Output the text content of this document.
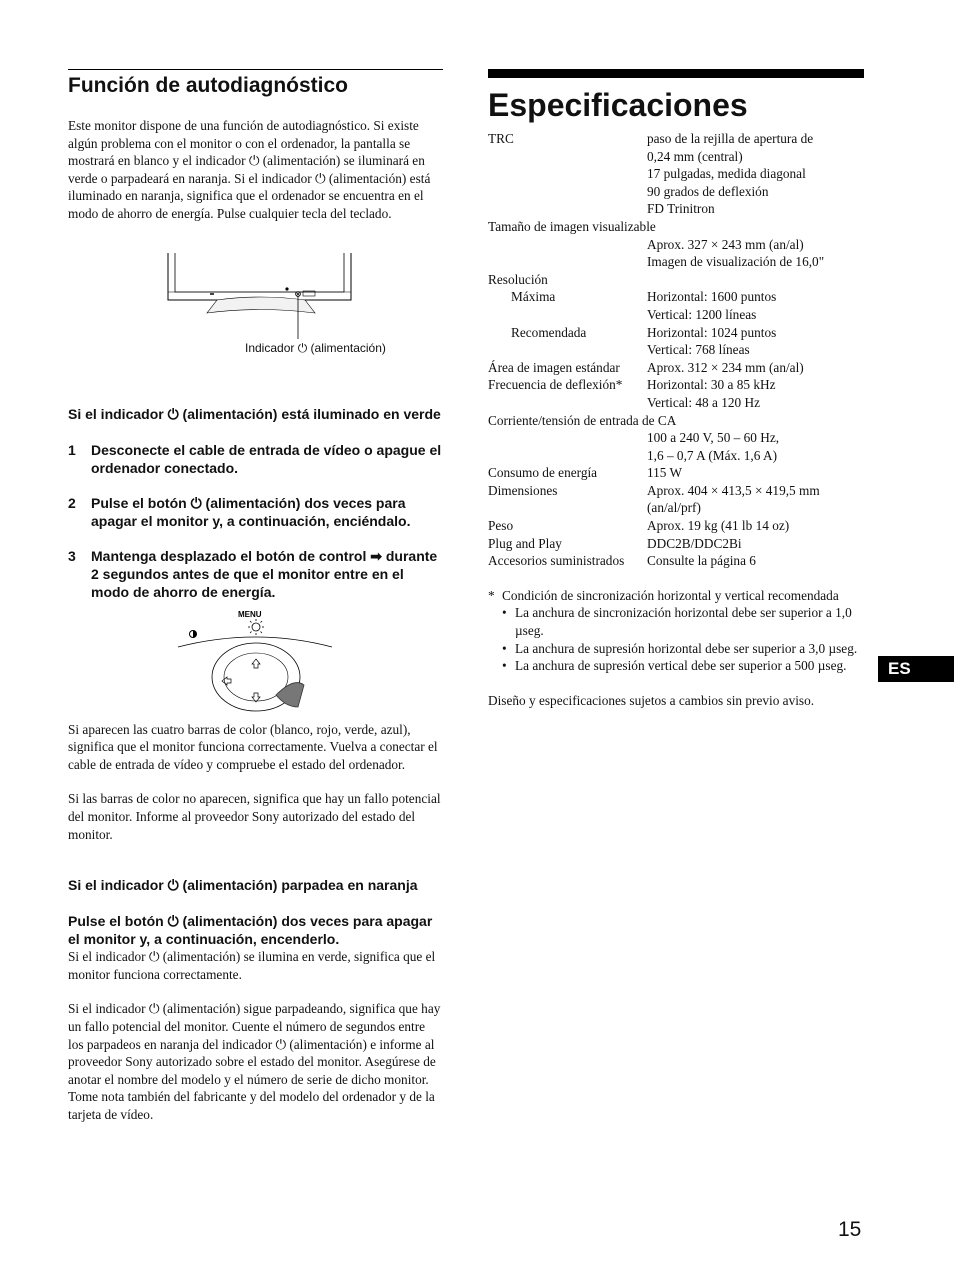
Función de autodiagnóstico

Este monitor dispone de una función de autodiagnóstico. Si existe algún problema con el monitor o con el ordenador, la pantalla se mostrará en blanco y el indicador ⏻ (alimentación) se iluminará en verde o parpadeará en naranja. Si el indicador ⏻ (alimentación) está iluminado en naranja, significa que el ordenador se encuentra en el modo de ahorro de energía. Pulse cualquier tecla del teclado.

Si el indicador ⏻ (alimentación) está iluminado en verde

1	Desconecte el cable de entrada de vídeo o apague el ordenador conectado.
2	Pulse el botón ⏻ (alimentación) dos veces para apagar el monitor y, a continuación, enciéndalo.
3	Mantenga desplazado el botón de control ➡ durante 2 segundos antes de que el monitor entre en el modo de ahorro de energía.

Si aparecen las cuatro barras de color (blanco, rojo, verde, azul), significa que el monitor funciona correctamente. Vuelva a conectar el cable de entrada de vídeo y compruebe el estado del ordenador.

Si las barras de color no aparecen, significa que hay un fallo potencial del monitor. Informe al proveedor Sony autorizado del estado del monitor.

Si el indicador ⏻ (alimentación) parpadea en naranja

Pulse el botón ⏻ (alimentación) dos veces para apagar el monitor y, a continuación, encenderlo.

Si el indicador ⏻ (alimentación) se ilumina en verde, significa que el monitor funciona correctamente.

Si el indicador ⏻ (alimentación) sigue parpadeando, significa que hay un fallo potencial del monitor. Cuente el número de segundos entre los parpadeos en naranja del indicador ⏻ (alimentación) e informe al proveedor Sony autorizado sobre el estado del monitor. Asegúrese de anotar el nombre del modelo y el número de serie de dicho monitor. Tome nota también del fabricante y del modelo del ordenador y de la tarjeta de vídeo.

Indicador ⏻ (alimentación)
MENU
Especificaciones
TRC	paso de la rejilla de apertura de
0,24 mm (central)
17 pulgadas, medida diagonal
90 grados de deflexión
FD Trinitron
Tamaño de imagen visualizable
Aprox. 327 × 243 mm (an/al)
Imagen de visualización de 16,0"
Resolución
Máxima	Horizontal: 1600 puntos
Vertical: 1200 líneas
Recomendada	Horizontal: 1024 puntos
Vertical: 768 líneas
Área de imagen estándar	Aprox. 312 × 234 mm (an/al)
Frecuencia de deflexión*	Horizontal: 30 a 85 kHz
Vertical: 48 a 120 Hz
Corriente/tensión de entrada de CA
100 a 240 V, 50 – 60 Hz,
1,6 – 0,7 A (Máx. 1,6 A)
Consumo de energía	115 W
Dimensiones	Aprox. 404 × 413,5 × 419,5 mm
(an/al/prf)
Peso	Aprox. 19 kg (41 lb 14 oz)
Plug and Play	DDC2B/DDC2Bi
Accesorios suministrados	Consulte la página 6
* Condición de sincronización horizontal y vertical recomendada
• La anchura de sincronización horizontal debe ser superior a 1,0 µseg.
• La anchura de supresión horizontal debe ser superior a 3,0 µseg.
• La anchura de supresión vertical debe ser superior a 500 µseg.

Diseño y especificaciones sujetos a cambios sin previo aviso.

ES
15
